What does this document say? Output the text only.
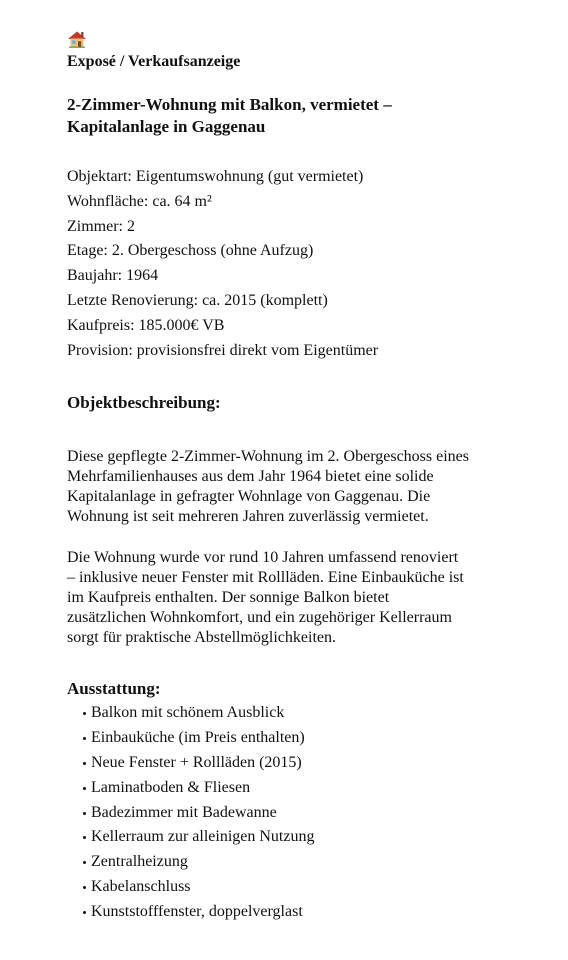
Exposé / Verkaufsanzeige

2-Zimmer-Wohnung mit Balkon, vermietet –
Kapitalanlage in Gaggenau
Objektart: Eigentumswohnung (gut vermietet)
Wohnfläche: ca. 64 m²
Zimmer: 2
Etage: 2. Obergeschoss (ohne Aufzug)
Baujahr: 1964
Letzte Renovierung: ca. 2015 (komplett)
Kaufpreis: 185.000€ VB
Provision: provisionsfrei direkt vom Eigentümer
Objektbeschreibung:

Diese gepflegte 2-Zimmer-Wohnung im 2. Obergeschoss eines
Mehrfamilienhauses aus dem Jahr 1964 bietet eine solide
Kapitalanlage in gefragter Wohnlage von Gaggenau. Die
Wohnung ist seit mehreren Jahren zuverlässig vermietet.

Die Wohnung wurde vor rund 10 Jahren umfassend renoviert
– inklusive neuer Fenster mit Rollläden. Eine Einbauküche ist
im Kaufpreis enthalten. Der sonnige Balkon bietet
zusätzlichen Wohnkomfort, und ein zugehöriger Kellerraum
sorgt für praktische Abstellmöglichkeiten.

Ausstattung:
Balkon mit schönem Ausblick
Einbauküche (im Preis enthalten)
Neue Fenster + Rollläden (2015)
Laminatboden & Fliesen
Badezimmer mit Badewanne
Kellerraum zur alleinigen Nutzung
Zentralheizung
Kabelanschluss
Kunststofffenster, doppelverglast
